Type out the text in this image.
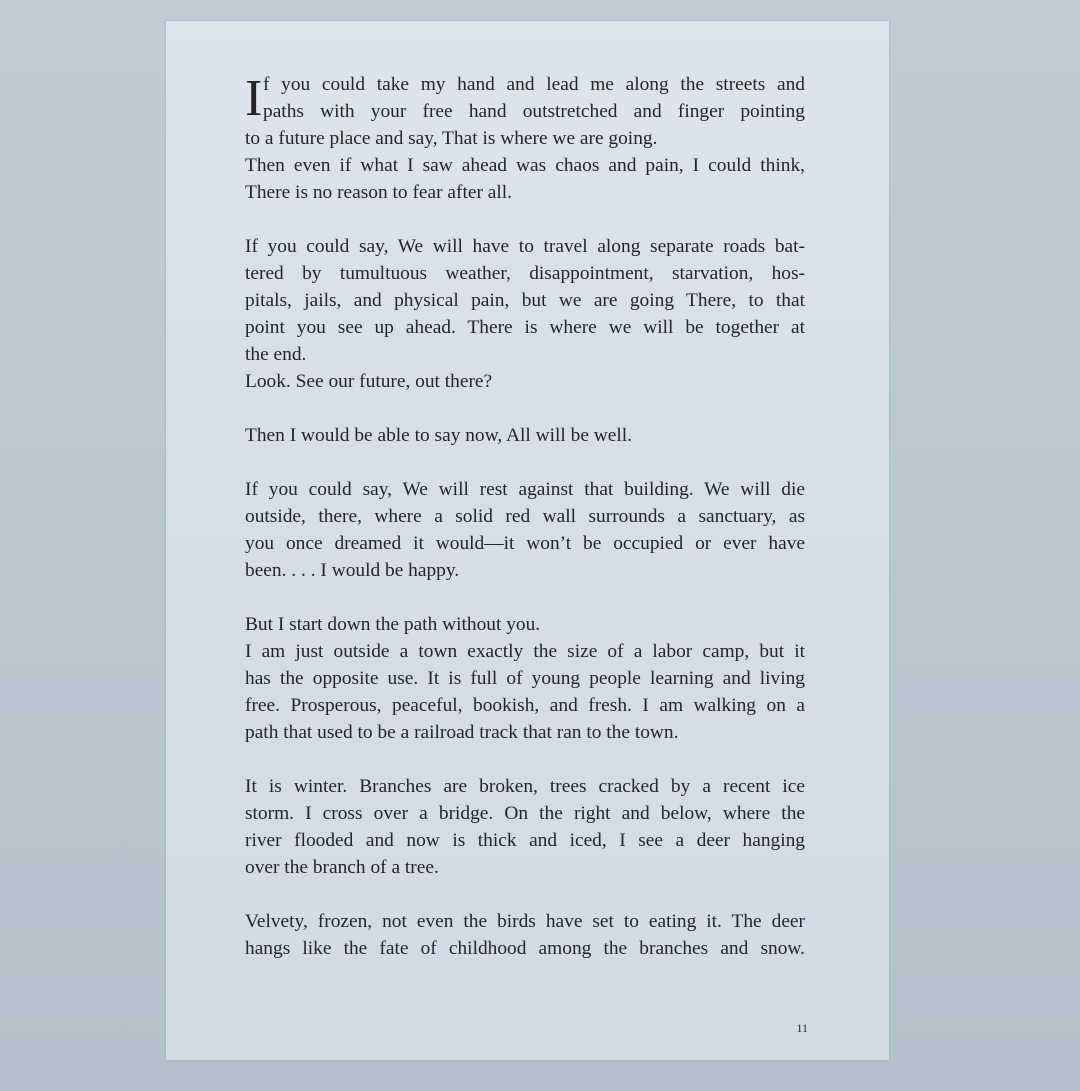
I f you could take my hand and lead me along the streets and
paths with your free hand outstretched and finger pointing
to a future place and say, That is where we are going.
Then even if what I saw ahead was chaos and pain, I could think,
There is no reason to fear after all.
If you could say, We will have to travel along separate roads bat-
tered by tumultuous weather, disappointment, starvation, hos-
pitals, jails, and physical pain, but we are going There, to that
point you see up ahead. There is where we will be together at
the end.
Look. See our future, out there?
Then I would be able to say now, All will be well.
If you could say, We will rest against that building. We will die
outside, there, where a solid red wall surrounds a sanctuary, as
you once dreamed it would—it won’t be occupied or ever have
been. . . . I would be happy.
But I start down the path without you.
I am just outside a town exactly the size of a labor camp, but it
has the opposite use. It is full of young people learning and living
free. Prosperous, peaceful, bookish, and fresh. I am walking on a
path that used to be a railroad track that ran to the town.
It is winter. Branches are broken, trees cracked by a recent ice
storm. I cross over a bridge. On the right and below, where the
river flooded and now is thick and iced, I see a deer hanging
over the branch of a tree.
Velvety, frozen, not even the birds have set to eating it. The deer
hangs like the fate of childhood among the branches and snow.
11
